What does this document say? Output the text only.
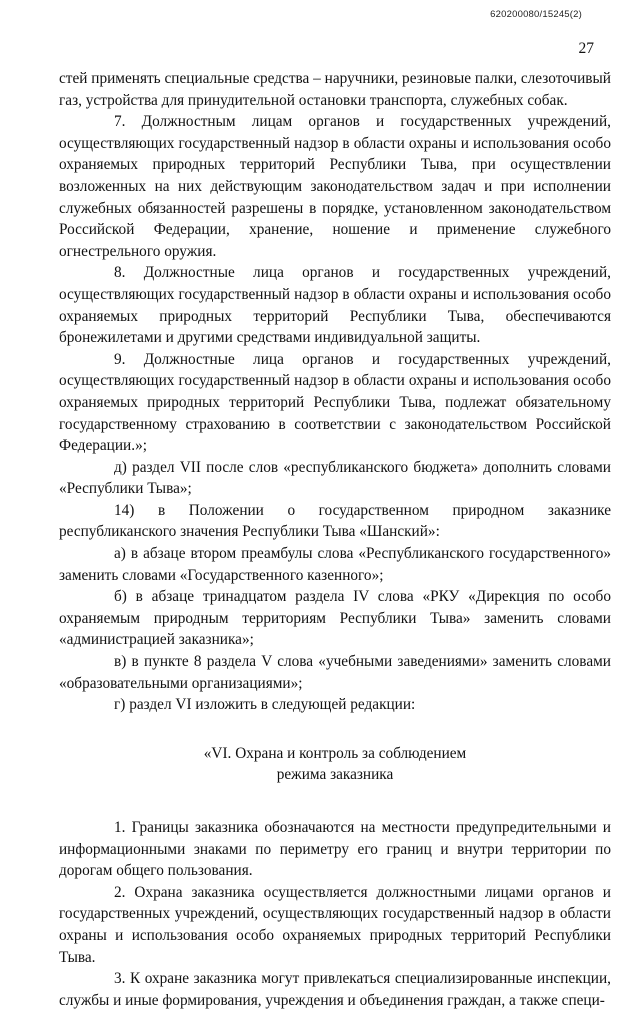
620200080/15245(2)
27

стей применять специальные средства – наручники, резиновые палки, слезоточивый газ, устройства для принудительной остановки транспорта, служебных собак.

7. Должностным лицам органов и государственных учреждений, осуществляющих государственный надзор в области охраны и использования особо охраняемых природных территорий Республики Тыва, при осуществлении возложенных на них действующим законодательством задач и при исполнении служебных обязанностей разрешены в порядке, установленном законодательством Российской Федерации, хранение, ношение и применение служебного огнестрельного оружия.

8. Должностные лица органов и государственных учреждений, осуществляющих государственный надзор в области охраны и использования особо охраняемых природных территорий Республики Тыва, обеспечиваются бронежилетами и другими средствами индивидуальной защиты.

9. Должностные лица органов и государственных учреждений, осуществляющих государственный надзор в области охраны и использования особо охраняемых природных территорий Республики Тыва, подлежат обязательному государственному страхованию в соответствии с законодательством Российской Федерации.»;

д) раздел VII после слов «республиканского бюджета» дополнить словами «Республики Тыва»;

14) в Положении о государственном природном заказнике республиканского значения Республики Тыва «Шанский»:

а) в абзаце втором преамбулы слова «Республиканского государственного» заменить словами «Государственного казенного»;

б) в абзаце тринадцатом раздела IV слова «РКУ «Дирекция по особо охраняемым природным территориям Республики Тыва» заменить словами «администрацией заказника»;

в) в пункте 8 раздела V слова «учебными заведениями» заменить словами «образовательными организациями»;

г) раздел VI изложить в следующей редакции:

«VI. Охрана и контроль за соблюдением
режима заказника

1. Границы заказника обозначаются на местности предупредительными и информационными знаками по периметру его границ и внутри территории по дорогам общего пользования.

2. Охрана заказника осуществляется должностными лицами органов и государственных учреждений, осуществляющих государственный надзор в области охраны и использования особо охраняемых природных территорий Республики Тыва.

3. К охране заказника могут привлекаться специализированные инспекции, службы и иные формирования, учреждения и объединения граждан, а также специ-
